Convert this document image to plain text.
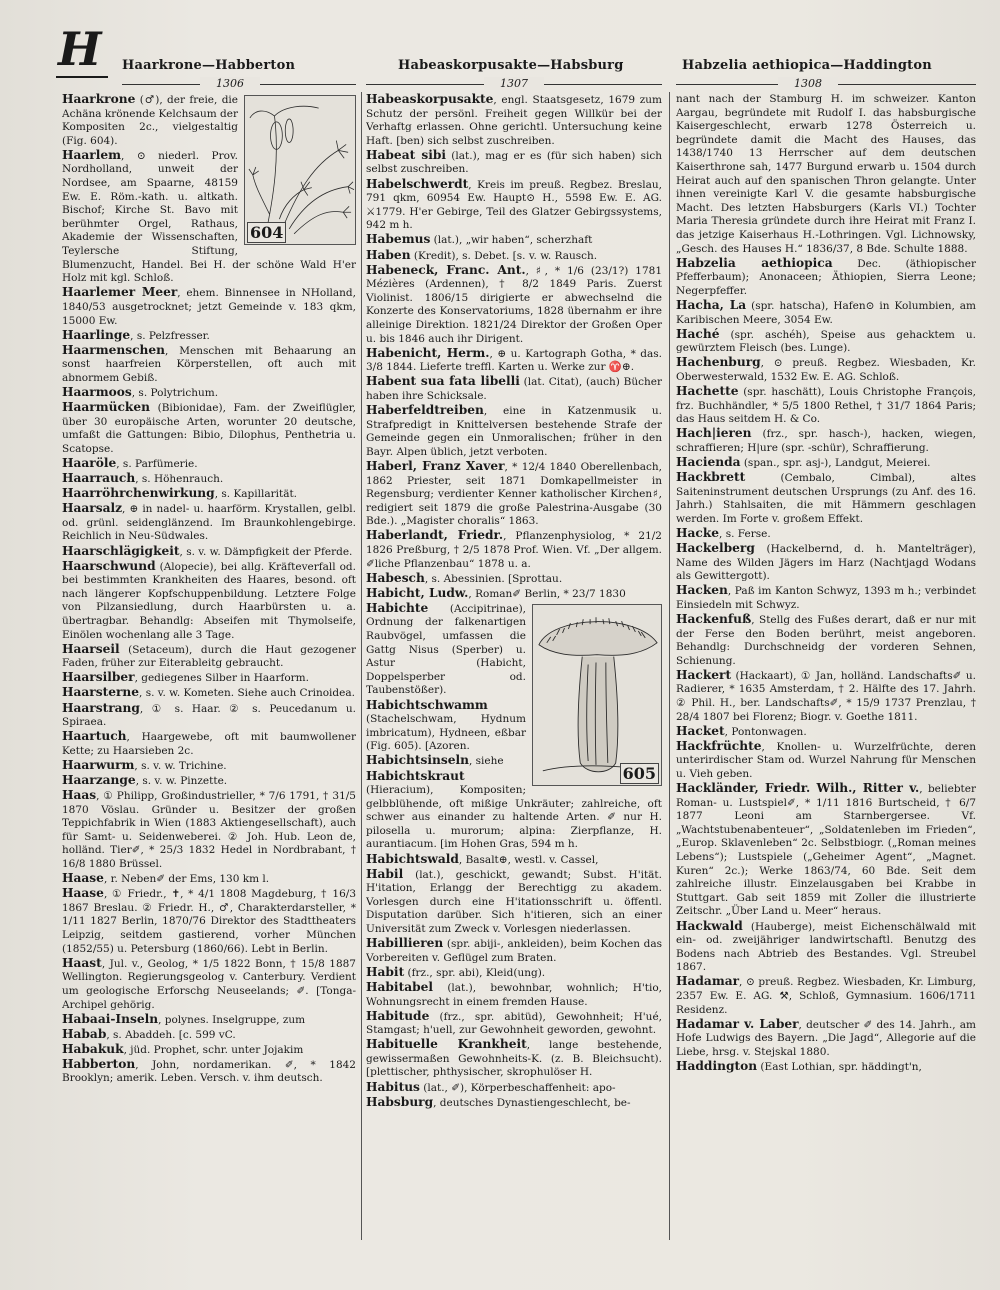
H Haarkrone—Habberton	Habeaskorpusakte—Habsburg	Habzelia aethiopica—Haddington
1306	1307	1308
604
Haarkrone (♂), der freie, die Achäna krönende Kelchsaum der Kompositen 2c., vielgestaltig (Fig. 604).
Haarlem, ⊙ niederl. Prov. Nordholland, unweit der Nordsee, am Spaarne, 48159 Ew. E. Röm.-kath. u. altkath. Bischof; Kirche St. Bavo mit berühmter Orgel, Rathaus, Akademie der Wissenschaften, Teylersche Stiftung, Blumenzucht, Handel. Bei H. der schöne Wald H'er Holz mit kgl. Schloß.
Haarlemer Meer, ehem. Binnensee in NHolland, 1840/53 ausgetrocknet; jetzt Gemeinde v. 183 qkm, 15000 Ew.
Haarlinge, s. Pelzfresser.
Haarmenschen, Menschen mit Behaarung an sonst haarfreien Körperstellen, oft auch mit abnormem Gebiß.
Haarmoos, s. Polytrichum.
Haarmücken (Bibionidae), Fam. der Zweiflügler, über 30 europäische Arten, worunter 20 deutsche, umfaßt die Gattungen: Bibio, Dilophus, Penthetria u. Scatopse.
Haaröle, s. Parfümerie.
Haarrauch, s. Höhenrauch.
Haarröhrchenwirkung, s. Kapillarität.
Haarsalz, ⊕ in nadel- u. haarförm. Krystallen, gelbl. od. grünl. seidenglänzend. Im Braunkohlengebirge. Reichlich in Neu-Südwales.
Haarschlägigkeit, s. v. w. Dämpfigkeit der Pferde.
Haarschwund (Alopecie), bei allg. Kräfteverfall od. bei bestimmten Krankheiten des Haares, besond. oft nach längerer Kopfschuppenbildung. Letztere Folge von Pilzansiedlung, durch Haarbürsten u. a. übertragbar. Behandlg: Abseifen mit Thymolseife, Einölen wochenlang alle 3 Tage.
Haarseil (Setaceum), durch die Haut gezogener Faden, früher zur Eiterableitg gebraucht.
Haarsilber, gediegenes Silber in Haarform.
Haarsterne, s. v. w. Kometen. Siehe auch Crinoidea.
Haarstrang, ① s. Haar. ② s. Peucedanum u. Spiraea.
Haartuch, Haargewebe, oft mit baumwollener Kette; zu Haarsieben 2c.
Haarwurm, s. v. w. Trichine.
Haarzange, s. v. w. Pinzette.
Haas, ① Philipp, Großindustrieller, * 7/6 1791, † 31/5 1870 Vöslau. Gründer u. Besitzer der großen Teppichfabrik in Wien (1883 Aktiengesellschaft), auch für Samt- u. Seidenweberei. ② Joh. Hub. Leon de, holländ. Tier✐, * 25/3 1832 Hedel in Nordbrabant, † 16/8 1880 Brüssel.
Haase, r. Neben✐ der Ems, 130 km l.
Haase, ① Friedr., ✝, * 4/1 1808 Magdeburg, † 16/3 1867 Breslau. ② Friedr. H., ♂, Charakterdarsteller, * 1/11 1827 Berlin, 1870/76 Direktor des Stadttheaters Leipzig, seitdem gastierend, vorher München (1852/55) u. Petersburg (1860/66). Lebt in Berlin.
Haast, Jul. v., Geolog, * 1/5 1822 Bonn, † 15/8 1887 Wellington. Regierungsgeolog v. Canterbury. Verdient um geologische Erforschg Neuseelands; ✐. [Tonga-Archipel gehörig.
Habaai-Inseln, polynes. Inselgruppe, zum
Habab, s. Abaddeh. [c. 599 vC.
Habakuk, jüd. Prophet, schr. unter Jojakim
Habberton, John, nordamerikan. ✐, * 1842 Brooklyn; amerik. Leben. Versch. v. ihm deutsch.
Habeaskorpusakte, engl. Staatsgesetz, 1679 zum Schutz der persönl. Freiheit gegen Willkür bei der Verhaftg erlassen. Ohne gerichtl. Untersuchung keine Haft. [ben) sich selbst zuschreiben.
Habeat sibi (lat.), mag er es (für sich haben) sich selbst zuschreiben.
Habelschwerdt, Kreis im preuß. Regbez. Breslau, 791 qkm, 60954 Ew. Haupt⊙ H., 5598 Ew. E. AG. ⚔1779. H'er Gebirge, Teil des Glatzer Gebirgssystems, 942 m h.
Habemus (lat.), „wir haben“, scherzhaft
Haben (Kredit), s. Debet. [s. v. w. Rausch.
Habeneck, Franc. Ant., ♯, * 1/6 (23/1?) 1781 Mézières (Ardennen), † 8/2 1849 Paris. Zuerst Violinist. 1806/15 dirigierte er abwechselnd die Konzerte des Konservatoriums, 1828 übernahm er ihre alleinige Direktion. 1821/24 Direktor der Großen Oper u. bis 1846 auch ihr Dirigent.
Habenicht, Herm., ⊕ u. Kartograph Gotha, * das. 3/8 1844. Lieferte treffl. Karten u. Werke zur ♈⊕.
Habent sua fata libelli (lat. Citat), (auch) Bücher haben ihre Schicksale.
Haberfeldtreiben, eine in Katzenmusik u. Strafpredigt in Knittelversen bestehende Strafe der Gemeinde gegen ein Unmoralischen; früher in den Bayr. Alpen üblich, jetzt verboten.
Haberl, Franz Xaver, * 12/4 1840 Oberellenbach, 1862 Priester, seit 1871 Domkapellmeister in Regensburg; verdienter Kenner katholischer Kirchen♯, redigiert seit 1879 die große Palestrina-Ausgabe (30 Bde.). „Magister choralis“ 1863.
Haberlandt, Friedr., Pflanzenphysiolog, * 21/2 1826 Preßburg, † 2/5 1878 Prof. Wien. Vf. „Der allgem. ✐liche Pflanzenbau“ 1878 u. a.
Habesch, s. Abessinien. [Sprottau.
Habicht, Ludw., Roman✐ Berlin, * 23/7 1830
605
Habichte (Accipitrinae), Ordnung der falkenartigen Raubvögel, umfassen die Gattg Nisus (Sperber) u. Astur (Habicht, Doppelsperber od. Taubenstößer).
Habichtschwamm (Stachelschwam, Hydnum imbricatum), Hydneen, eßbar (Fig. 605). [Azoren.
Habichtsinseln, siehe
Habichtskraut (Hieracium), Kompositen; gelbblühende, oft mißige Unkräuter; zahlreiche, oft schwer aus einander zu haltende Arten. ✐ nur H. pilosella u. murorum; alpina: Zierpflanze, H. aurantiacum. [im Hohen Gras, 594 m h.
Habichtswald, Basalt⊕, westl. v. Cassel,
Habil (lat.), geschickt, gewandt; Subst. H'ität. H'itation, Erlangg der Berechtigg zu akadem. Vorlesgen durch eine H'itationsschrift u. öffentl. Disputation darüber. Sich h'itieren, sich an einer Universität zum Zweck v. Vorlesgen niederlassen.
Habillieren (spr. abiji-, ankleiden), beim Kochen das Vorbereiten v. Geflügel zum Braten.
Habit (frz., spr. abi), Kleid(ung).
Habitabel (lat.), bewohnbar, wohnlich; H'tio, Wohnungsrecht in einem fremden Hause.
Habitude (frz., spr. abitüd), Gewohnheit; H'ué, Stamgast; h'uell, zur Gewohnheit geworden, gewohnt.
Habituelle Krankheit, lange bestehende, gewissermaßen Gewohnheits-K. (z. B. Bleichsucht). [plettischer, phthysischer, skrophulöser H.
Habitus (lat., ✐), Körperbeschaffenheit: apo-
Habsburg, deutsches Dynastiengeschlecht, be-
nant nach der Stamburg H. im schweizer. Kanton Aargau, begründete mit Rudolf I. das habsburgische Kaisergeschlecht, erwarb 1278 Österreich u. begründete damit die Macht des Hauses, das 1438/1740 13 Herrscher auf dem deutschen Kaiserthrone sah, 1477 Burgund erwarb u. 1504 durch Heirat auch auf den spanischen Thron gelangte. Unter ihnen vereinigte Karl V. die gesamte habsburgische Macht. Des letzten Habsburgers (Karls VI.) Tochter Maria Theresia gründete durch ihre Heirat mit Franz I. das jetzige Kaiserhaus H.-Lothringen. Vgl. Lichnowsky, „Gesch. des Hauses H.“ 1836/37, 8 Bde. Schulte 1888.
Habzelia aethiopica Dec. (äthiopischer Pfefferbaum); Anonaceen; Äthiopien, Sierra Leone; Negerpfeffer.
Hacha, La (spr. hatscha), Hafen⊙ in Kolumbien, am Karibischen Meere, 3054 Ew.
Haché (spr. aschéh), Speise aus gehacktem u. gewürztem Fleisch (bes. Lunge).
Hachenburg, ⊙ preuß. Regbez. Wiesbaden, Kr. Oberwesterwald, 1532 Ew. E. AG. Schloß.
Hachette (spr. haschätt), Louis Christophe François, frz. Buchhändler, * 5/5 1800 Rethel, † 31/7 1864 Paris; das Haus seitdem H. & Co.
Hach|ieren (frz., spr. hasch-), hacken, wiegen, schraffieren; H|ure (spr. -schür), Schraffierung.
Hacienda (span., spr. asj-), Landgut, Meierei.
Hackbrett (Cembalo, Cimbal), altes Saiteninstrument deutschen Ursprungs (zu Anf. des 16. Jahrh.) Stahlsaiten, die mit Hämmern geschlagen werden. Im Forte v. großem Effekt.
Hacke, s. Ferse.
Hackelberg (Hackelbernd, d. h. Mantelträger), Name des Wilden Jägers im Harz (Nachtjagd Wodans als Gewittergott).
Hacken, Paß im Kanton Schwyz, 1393 m h.; verbindet Einsiedeln mit Schwyz.
Hackenfuß, Stellg des Fußes derart, daß er nur mit der Ferse den Boden berührt, meist angeboren. Behandlg: Durchschneidg der vorderen Sehnen, Schienung.
Hackert (Hackaart), ① Jan, holländ. Landschafts✐ u. Radierer, * 1635 Amsterdam, † 2. Hälfte des 17. Jahrh. ② Phil. H., ber. Landschafts✐, * 15/9 1737 Prenzlau, † 28/4 1807 bei Florenz; Biogr. v. Goethe 1811.
Hacket, Pontonwagen.
Hackfrüchte, Knollen- u. Wurzelfrüchte, deren unterirdischer Stam od. Wurzel Nahrung für Menschen u. Vieh geben.
Hackländer, Friedr. Wilh., Ritter v., beliebter Roman- u. Lustspiel✐, * 1/11 1816 Burtscheid, † 6/7 1877 Leoni am Starnbergersee. Vf. „Wachtstubenabenteuer“, „Soldatenleben im Frieden“, „Europ. Sklavenleben“ 2c. Selbstbiogr. („Roman meines Lebens“); Lustspiele („Geheimer Agent“, „Magnet. Kuren“ 2c.); Werke 1863/74, 60 Bde. Seit dem zahlreiche illustr. Einzelausgaben bei Krabbe in Stuttgart. Gab seit 1859 mit Zoller die illustrierte Zeitschr. „Über Land u. Meer“ heraus.
Hackwald (Hauberge), meist Eichenschälwald mit ein- od. zweijähriger landwirtschaftl. Benutzg des Bodens nach Abtrieb des Bestandes. Vgl. Streubel 1867.
Hadamar, ⊙ preuß. Regbez. Wiesbaden, Kr. Limburg, 2357 Ew. E. AG. ⚒, Schloß, Gymnasium. 1606/1711 Residenz.
Hadamar v. Laber, deutscher ✐ des 14. Jahrh., am Hofe Ludwigs des Bayern. „Die Jagd“, Allegorie auf die Liebe, hrsg. v. Stejskal 1880.
Haddington (East Lothian, spr. häddingt'n,
